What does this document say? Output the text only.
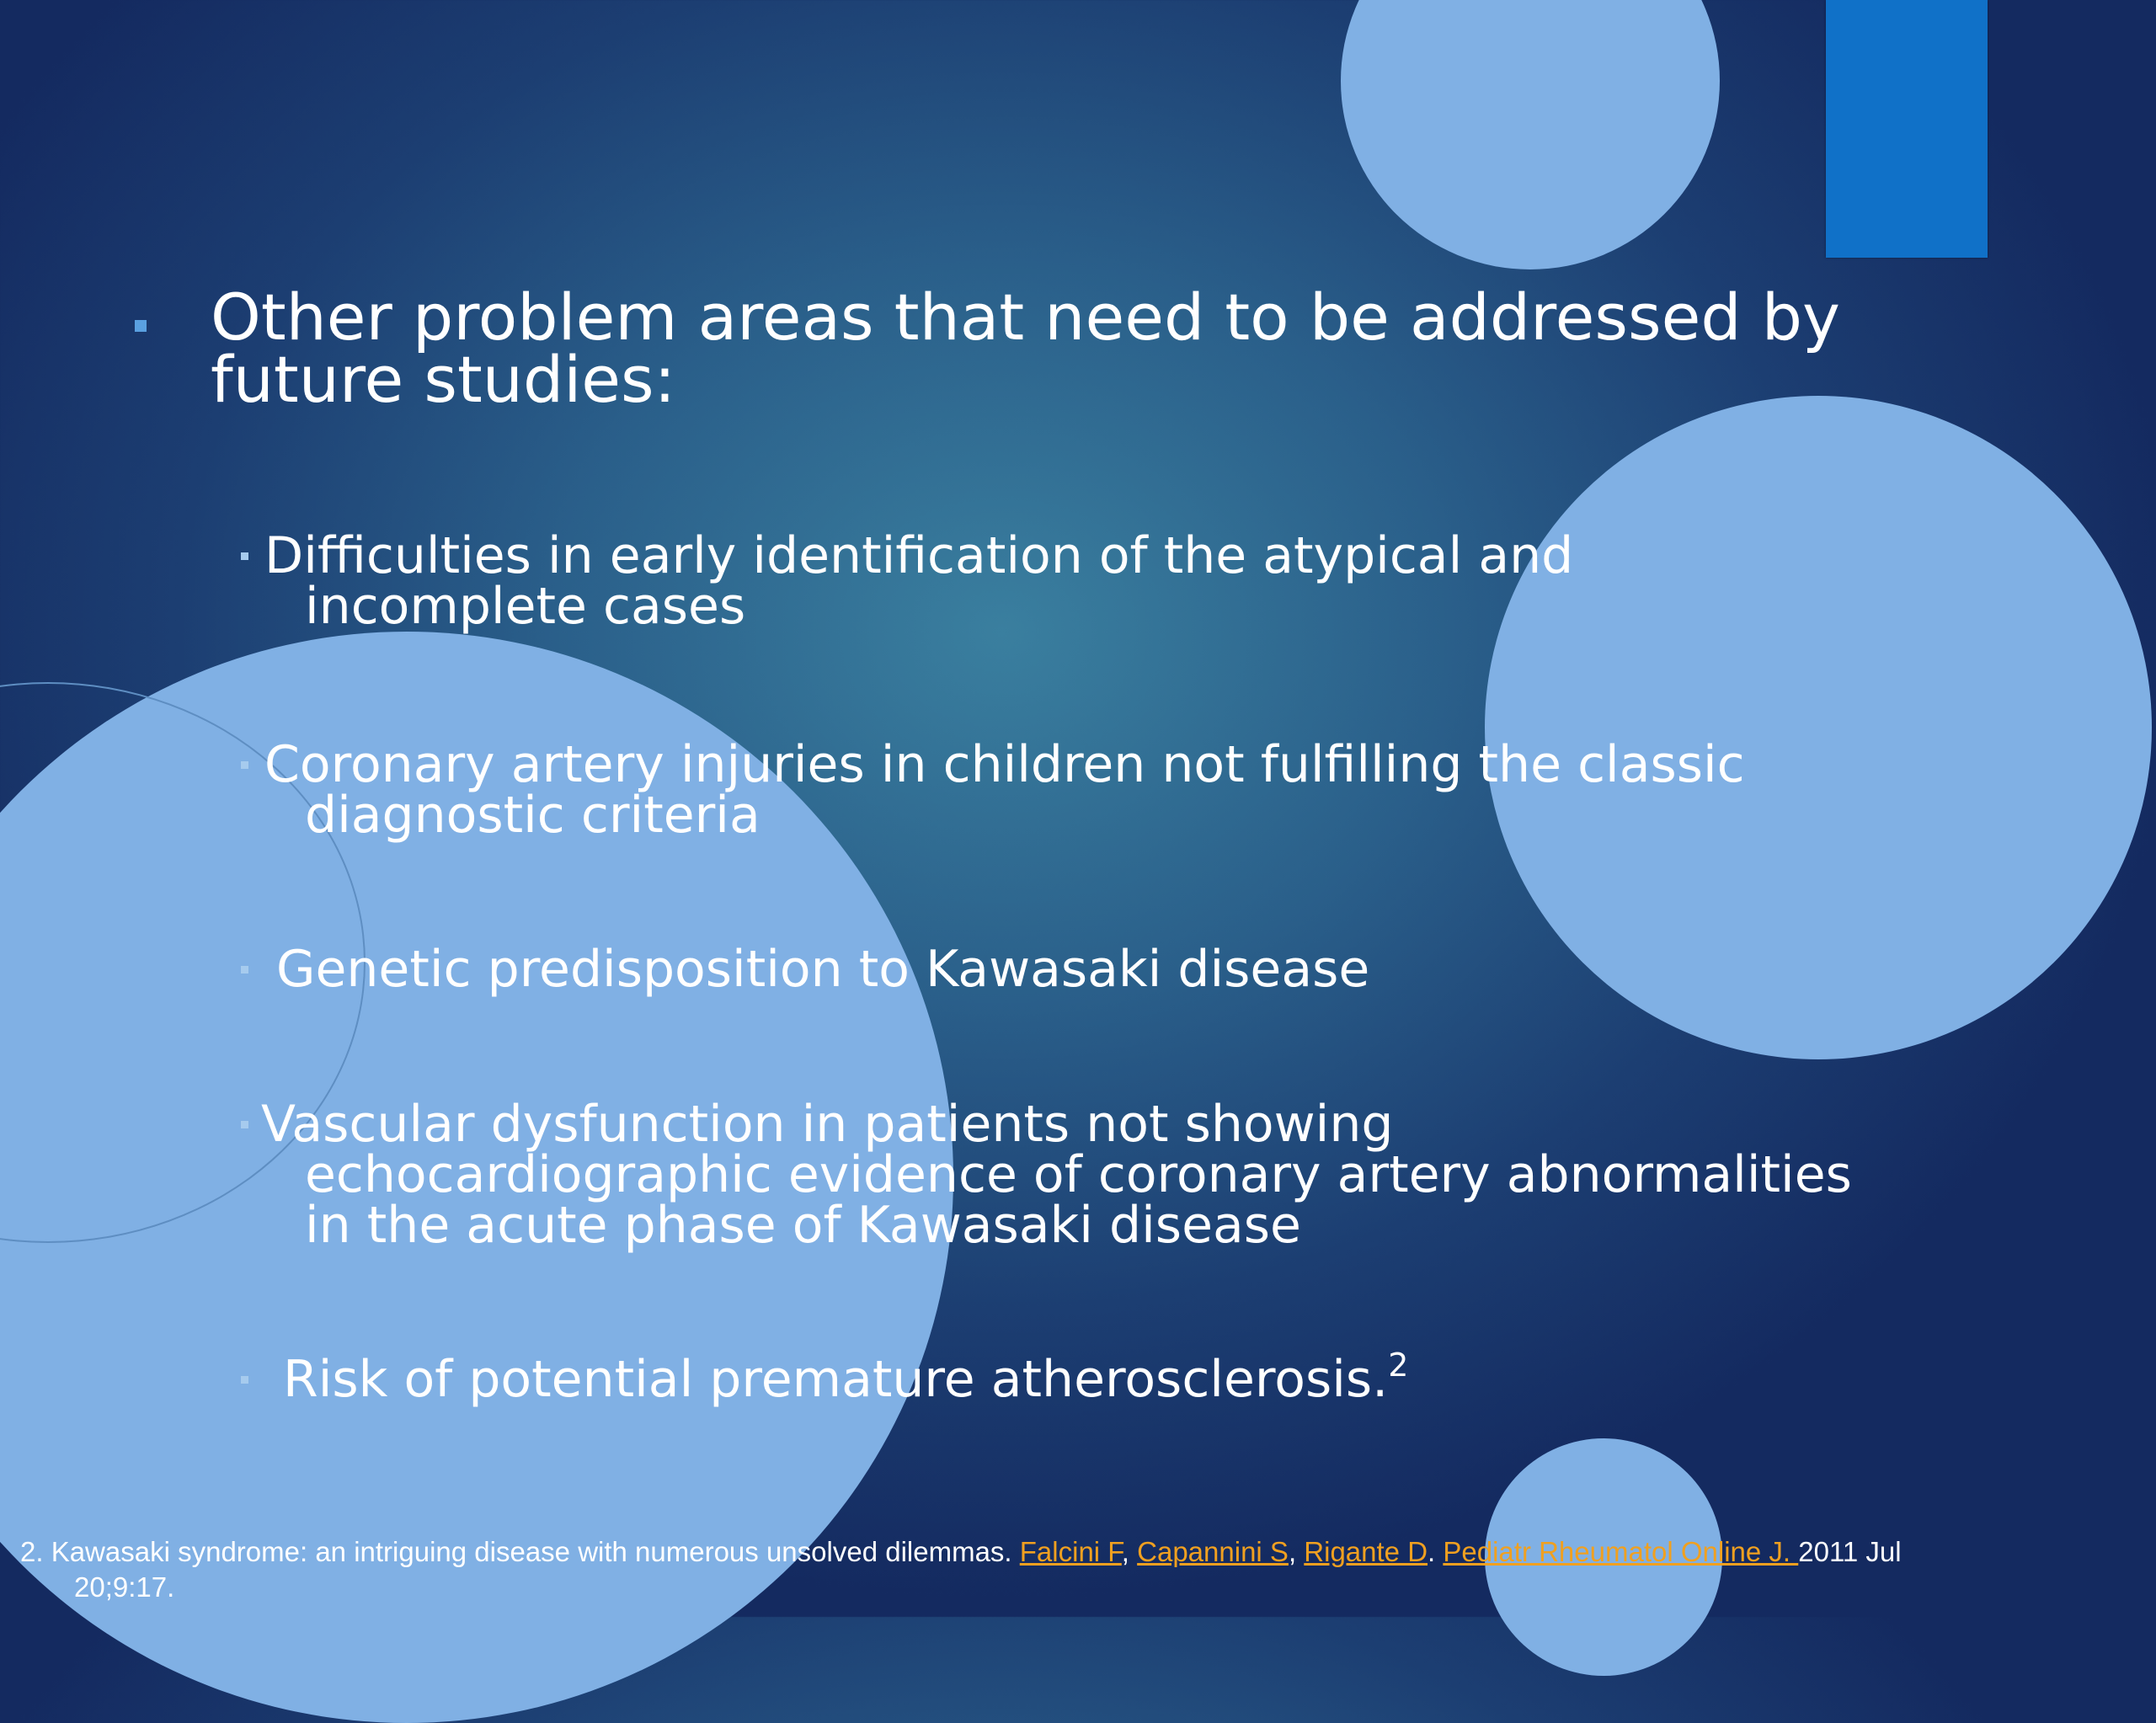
Other problem areas that need to be addressed by
future studies:
Difficulties in early identification of the atypical and
incomplete cases
Coronary artery injuries in children not fulfilling the classic
diagnostic criteria
Genetic predisposition to Kawasaki disease
Vascular dysfunction in patients not showing
echocardiographic evidence of coronary artery abnormalities
in the acute phase of Kawasaki disease
Risk of potential premature atherosclerosis.$^2$
2. Kawasaki syndrome: an intriguing disease with numerous unsolved dilemmas. Falcini F, Capannini S, Rigante D. Pediatr Rheumatol Online J. 2011 Jul
20;9:17.
